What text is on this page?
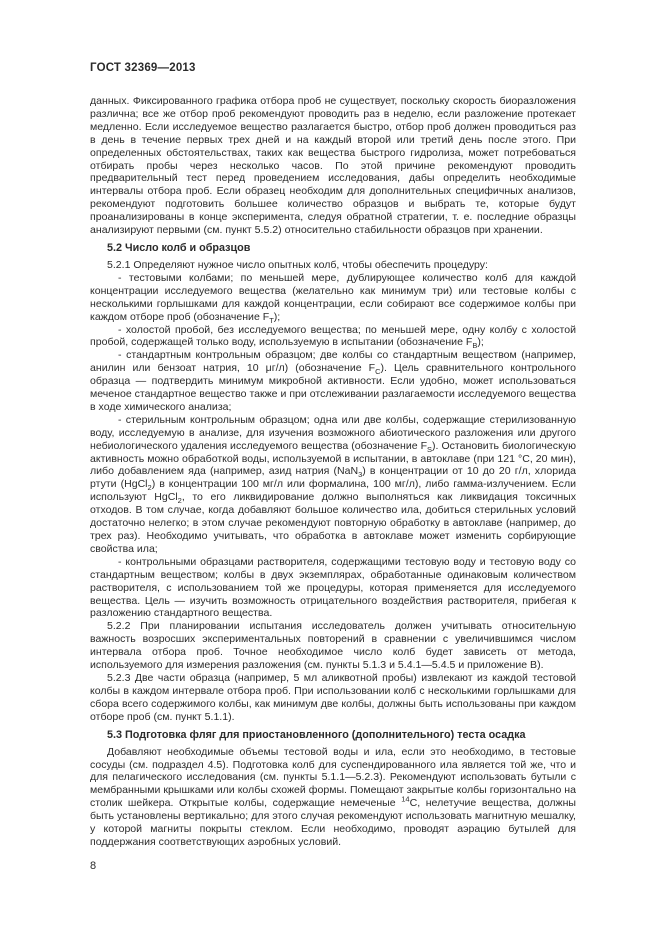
ГОСТ 32369—2013

данных. Фиксированного графика отбора проб не существует, поскольку скорость биоразложения различна; все же отбор проб рекомендуют проводить раз в неделю, если разложение протекает медленно. Если исследуемое вещество разлагается быстро, отбор проб должен проводиться раз в день в течение первых трех дней и на каждый второй или третий день после этого. При определенных обстоятельствах, таких как вещества быстрого гидролиза, может потребоваться отбирать пробы через несколько часов. По этой причине рекомендуют проводить предварительный тест перед проведением исследования, дабы определить необходимые интервалы отбора проб. Если образец необходим для дополнительных специфичных анализов, рекомендуют подготовить большее количество образцов и выбрать те, которые будут проанализированы в конце эксперимента, следуя обратной стратегии, т. е. последние образцы анализируют первыми (см. пункт 5.5.2) относительно стабильности образцов при хранении.

5.2 Число колб и образцов

5.2.1 Определяют нужное число опытных колб, чтобы обеспечить процедуру:

- тестовыми колбами; по меньшей мере, дублирующее количество колб для каждой концентрации исследуемого вещества (желательно как минимум три) или тестовые колбы с несколькими горлышками для каждой концентрации, если собирают все содержимое колбы при каждом отборе проб (обозначение $F_T$);

- холостой пробой, без исследуемого вещества; по меньшей мере, одну колбу с холостой пробой, содержащей только воду, используемую в испытании (обозначение $F_B$);

- стандартным контрольным образцом; две колбы со стандартным веществом (например, анилин или бензоат натрия, 10 μг/л) (обозначение $F_C$). Цель сравнительного контрольного образца — подтвердить минимум микробной активности. Если удобно, может использоваться меченое стандартное вещество также и при отслеживании разлагаемости исследуемого вещества в ходе химического анализа;

- стерильным контрольным образцом; одна или две колбы, содержащие стерилизованную воду, исследуемую в анализе, для изучения возможного абиотического разложения или другого небиологического удаления исследуемого вещества (обозначение $F_S$). Остановить биологическую активность можно обработкой воды, используемой в испытании, в автоклаве (при 121 °С, 20 мин), либо добавлением яда (например, азид натрия (NaN$_3$) в концентрации от 10 до 20 г/л, хлорида ртути (HgCl$_2$) в концентрации 100 мг/л или формалина, 100 мг/л), либо гамма-излучением. Если используют HgCl$_2$, то его ликвидирование должно выполняться как ликвидация токсичных отходов. В том случае, когда добавляют большое количество ила, добиться стерильных условий достаточно нелегко; в этом случае рекомендуют повторную обработку в автоклаве (например, до трех раз). Необходимо учитывать, что обработка в автоклаве может изменить сорбирующие свойства ила;

- контрольными образцами растворителя, содержащими тестовую воду и тестовую воду со стандартным веществом; колбы в двух экземплярах, обработанные одинаковым количеством растворителя, с использованием той же процедуры, которая применяется для исследуемого вещества. Цель — изучить возможность отрицательного воздействия растворителя, прибегая к разложению стандартного вещества.

5.2.2 При планировании испытания исследователь должен учитывать относительную важность возросших экспериментальных повторений в сравнении с увеличившимся числом интервала отбора проб. Точное необходимое число колб будет зависеть от метода, используемого для измерения разложения (см. пункты 5.1.3 и 5.4.1—5.4.5 и приложение В).

5.2.3 Две части образца (например, 5 мл аликвотной пробы) извлекают из каждой тестовой колбы в каждом интервале отбора проб. При использовании колб с несколькими горлышками для сбора всего содержимого колбы, как минимум две колбы, должны быть использованы при каждом отборе проб (см. пункт 5.1.1).

5.3 Подготовка фляг для приостановленного (дополнительного) теста осадка

Добавляют необходимые объемы тестовой воды и ила, если это необходимо, в тестовые сосуды (см. подраздел 4.5). Подготовка колб для суспендированного ила является той же, что и для пелагического исследования (см. пункты 5.1.1—5.2.3). Рекомендуют использовать бутыли с мембранными крышками или колбы схожей формы. Помещают закрытые колбы горизонтально на столик шейкера. Открытые колбы, содержащие немеченые $^{14}$С, нелетучие вещества, должны быть установлены вертикально; для этого случая рекомендуют использовать магнитную мешалку, у которой магниты покрыты стеклом. Если необходимо, проводят аэрацию бутылей для поддержания соответствующих аэробных условий.

8
